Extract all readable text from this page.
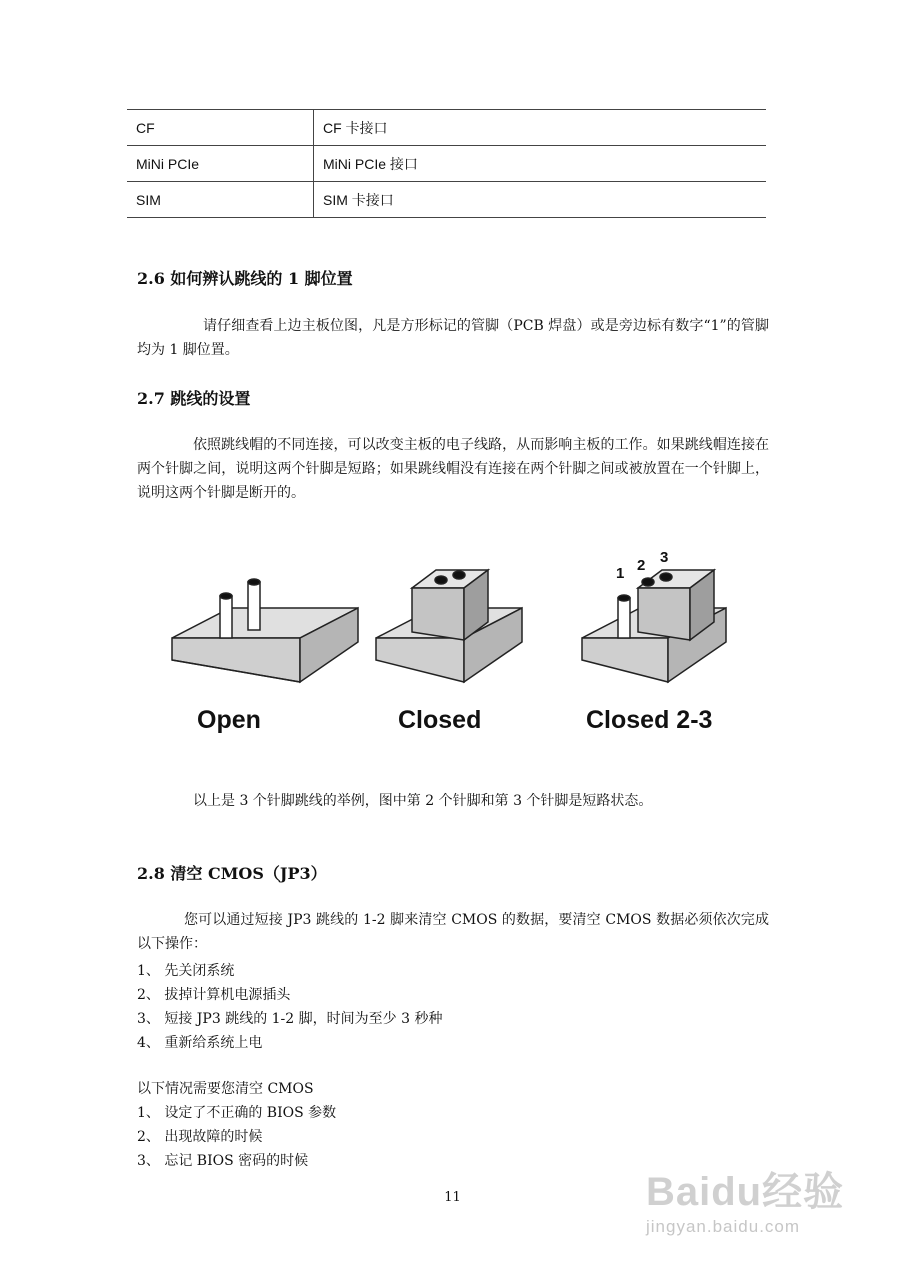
CF	CF 卡接口
MiNi PCIe	MiNi PCIe 接口
SIM	SIM 卡接口
2.6 如何辨认跳线的 1 脚位置

请仔细查看上边主板位图，凡是方形标记的管脚（PCB 焊盘）或是旁边标有数字“1”的管脚均为 1 脚位置。

2.7 跳线的设置

依照跳线帽的不同连接，可以改变主板的电子线路，从而影响主板的工作。如果跳线帽连接在两个针脚之间，说明这两个针脚是短路；如果跳线帽没有连接在两个针脚之间或被放置在一个针脚上，说明这两个针脚是断开的。

1 2 3
Open	Closed	Closed 2-3

以上是 3 个针脚跳线的举例，图中第 2 个针脚和第 3 个针脚是短路状态。

2.8 清空 CMOS（JP3）

您可以通过短接 JP3 跳线的 1-2 脚来清空 CMOS 的数据，要清空 CMOS 数据必须依次完成以下操作：

1、 先关闭系统

2、 拔掉计算机电源插头

3、 短接 JP3 跳线的 1-2 脚，时间为至少 3 秒种

4、 重新给系统上电

以下情况需要您清空 CMOS

1、 设定了不正确的 BIOS 参数

2、 出现故障的时候

3、 忘记 BIOS 密码的时候

11	Baidu经验
jingyan.baidu.com
